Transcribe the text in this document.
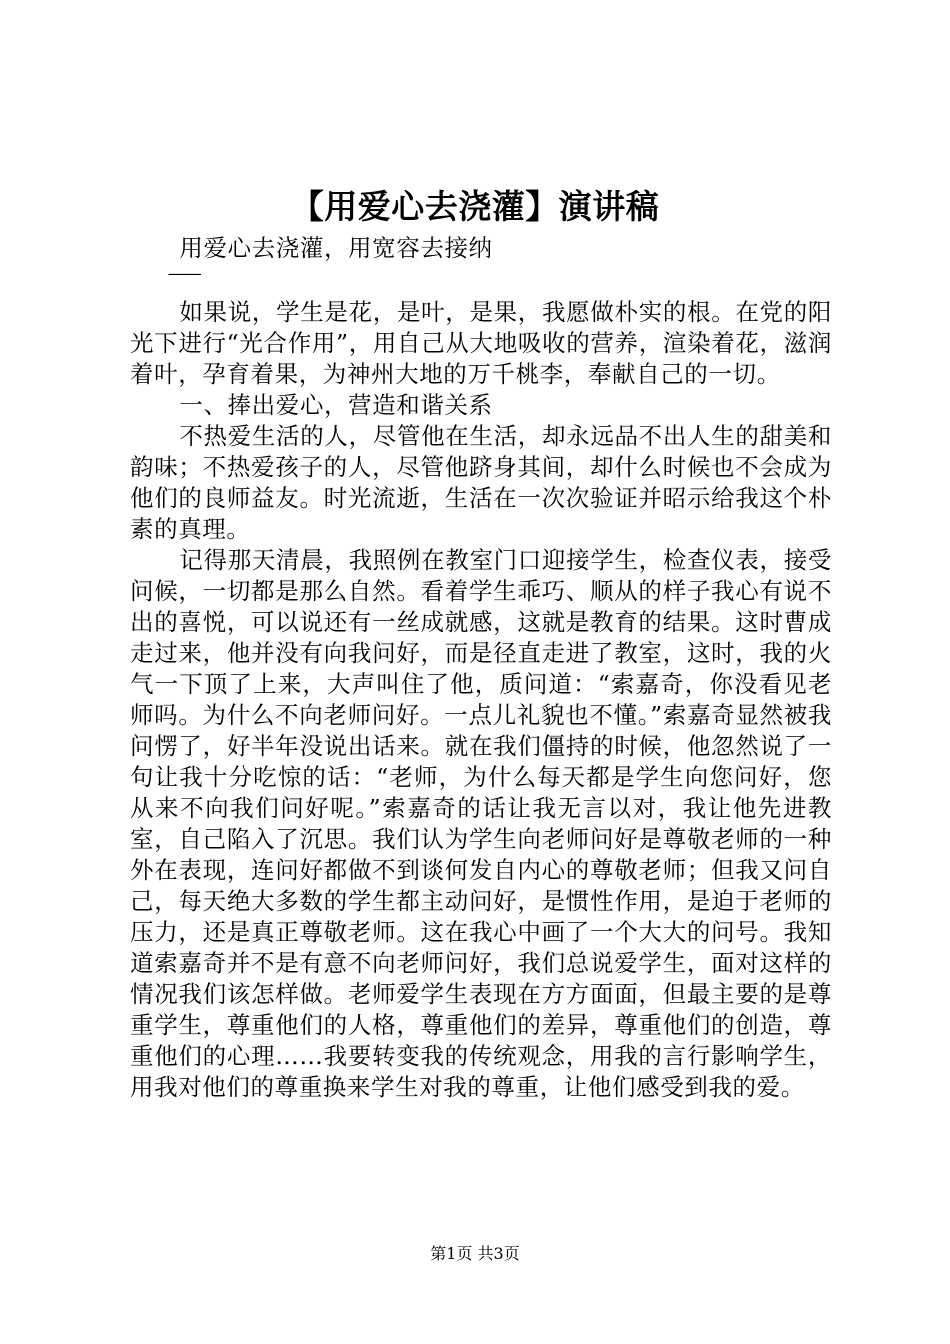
【用爱心去浇灌】演讲稿

用爱心去浇灌，用宽容去接纳

——

如果说，学生是花，是叶，是果，我愿做朴实的根。在党的阳光下进行“光合作用”，用自己从大地吸收的营养，渲染着花，滋润着叶，孕育着果，为神州大地的万千桃李，奉献自己的一切。

一、捧出爱心，营造和谐关系

不热爱生活的人，尽管他在生活，却永远品不出人生的甜美和韵味；不热爱孩子的人，尽管他跻身其间，却什么时候也不会成为他们的良师益友。时光流逝，生活在一次次验证并昭示给我这个朴素的真理。

记得那天清晨，我照例在教室门口迎接学生，检查仪表，接受问候，一切都是那么自然。看着学生乖巧、顺从的样子我心有说不出的喜悦，可以说还有一丝成就感，这就是教育的结果。这时曹成走过来，他并没有向我问好，而是径直走进了教室，这时，我的火气一下顶了上来，大声叫住了他，质问道：“索嘉奇，你没看见老师吗。为什么不向老师问好。一点儿礼貌也不懂。”索嘉奇显然被我问愣了，好半年没说出话来。就在我们僵持的时候，他忽然说了一句让我十分吃惊的话：“老师，为什么每天都是学生向您问好，您从来不向我们问好呢。”索嘉奇的话让我无言以对，我让他先进教室，自己陷入了沉思。我们认为学生向老师问好是尊敬老师的一种外在表现，连问好都做不到谈何发自内心的尊敬老师；但我又问自己，每天绝大多数的学生都主动问好，是惯性作用，是迫于老师的压力，还是真正尊敬老师。这在我心中画了一个大大的问号。我知道索嘉奇并不是有意不向老师问好，我们总说爱学生，面对这样的情况我们该怎样做。老师爱学生表现在方方面面，但最主要的是尊重学生，尊重他们的人格，尊重他们的差异，尊重他们的创造，尊重他们的心理……我要转变我的传统观念，用我的言行影响学生，用我对他们的尊重换来学生对我的尊重，让他们感受到我的爱。

第1页 共3页
